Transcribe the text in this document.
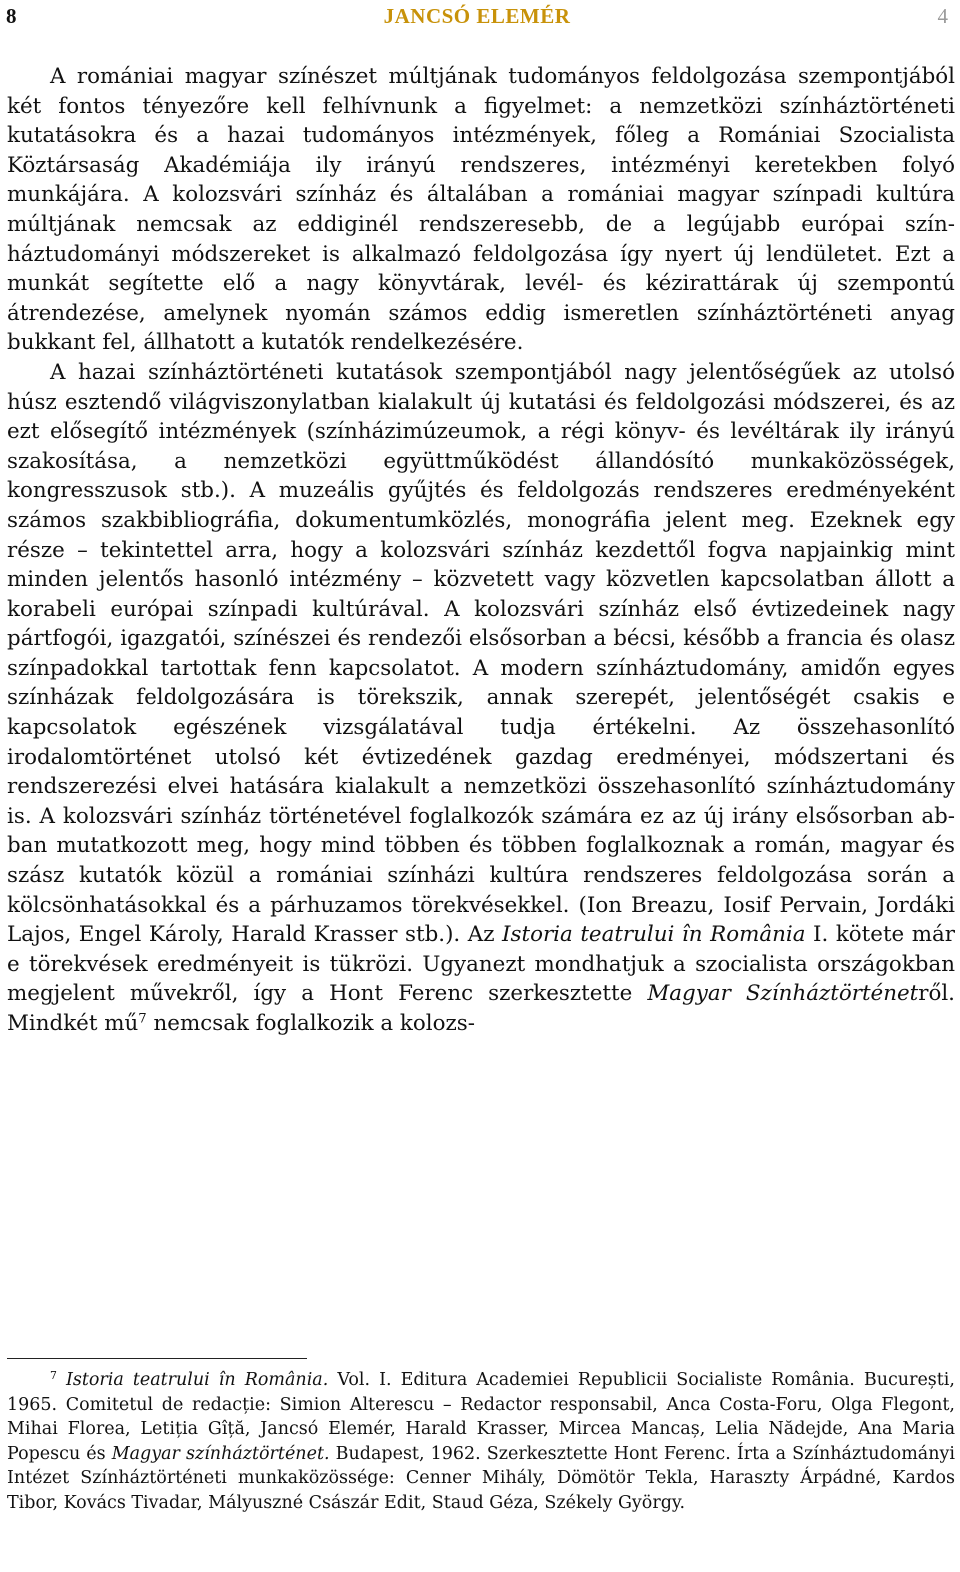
8	JANCSÓ ELEMÉR	4

A romániai magyar színészet múltjának tudományos feldolgozása szempontjából két fontos tényezőre kell felhívnunk a figyelmet: a nemzetközi színháztörténeti kutatásokra és a hazai tudományos intézmények, főleg a Romániai Szocialista Köztársaság Akadémiája ily irányú rendszeres, intézményi keretekben folyó munkájára. A kolozsvári színház és általában a romániai magyar színpadi kultúra múltjának nemcsak az eddiginél rendszeresebb, de a legújabb európai színháztudományi módszereket is alkalmazó feldolgozása így nyert új lendületet. Ezt a munkát segítette elő a nagy könyvtárak, levél- és kézirattárak új szempontú átrendezése, amelynek nyomán számos eddig ismeretlen színháztörténeti anyag bukkant fel, állhatott a kutatók rendelkezésére.

A hazai színháztörténeti kutatások szempontjából nagy jelentőségűek az utolsó húsz esztendő világviszonylatban kialakult új kutatási és feldolgozási módszerei, és az ezt elősegítő intézmények (színházimúzeumok, a régi könyv- és levéltárak ily irányú szakosítása, a nemzetközi együttműködést állandósító munkaközösségek, kongresszusok stb.). A muzeális gyűjtés és feldolgozás rendszeres eredményeként számos szakbibliográfia, dokumentumközlés, monográfia jelent meg. Ezeknek egy része – tekintettel arra, hogy a kolozsvári színház kezdettől fogva napjainkig mint minden jelentős hasonló intézmény – közvetett vagy közvetlen kapcsolatban állott a korabeli európai színpadi kultúrával. A kolozsvári színház első évtizedeinek nagy pártfogói, igazgatói, színészei és rendezői elsősorban a bécsi, később a francia és olasz színpadokkal tartottak fenn kapcsolatot. A modern színháztudomány, amidőn egyes színházak feldolgozására is törekszik, annak szerepét, jelentőségét csakis e kapcsolatok egészének vizsgálatával tudja értékelni. Az összehasonlító irodalomtörténet utolsó két évtizedének gazdag eredményei, módszertani és rendszerezési elvei hatására kialakult a nemzetközi összehasonlító színháztudomány is. A kolozsvári színház történetével foglalkozók számára ez az új irány elsősorban abban mutatkozott meg, hogy mind többen és többen foglalkoznak a román, magyar és szász kutatók közül a romániai színházi kultúra rendszeres feldolgozása során a kölcsönhatásokkal és a párhuzamos törekvésekkel. (Ion Breazu, Iosif Pervain, Jordáki Lajos, Engel Károly, Harald Krasser stb.). Az Istoria teatrului în România I. kötete már e törekvések eredményeit is tükrözi. Ugyanezt mondhatjuk a szocialista országokban megjelent művekről, így a Hont Ferenc szerkesztette Magyar Színháztörténetről. Mindkét $mű^7$ nemcsak foglalkozik a kolozs-

$^7$ Istoria teatrului în România. Vol. I. Editura Academiei Republicii Socialiste România. București, 1965. Comitetul de redacție: Simion Alterescu – Redactor responsabil, Anca Costa-Foru, Olga Flegont, Mihai Florea, Letiția Gîță, Jancsó Elemér, Harald Krasser, Mircea Mancaș, Lelia Nădejde, Ana Maria Popescu és Magyar színháztörténet. Budapest, 1962. Szerkesztette Hont Ferenc. Írta a Színháztudományi Intézet Színháztörténeti munkaközössége: Cenner Mihály, Dömötör Tekla, Haraszty Árpádné, Kardos Tibor, Kovács Tivadar, Mályuszné Császár Edit, Staud Géza, Székely György.
